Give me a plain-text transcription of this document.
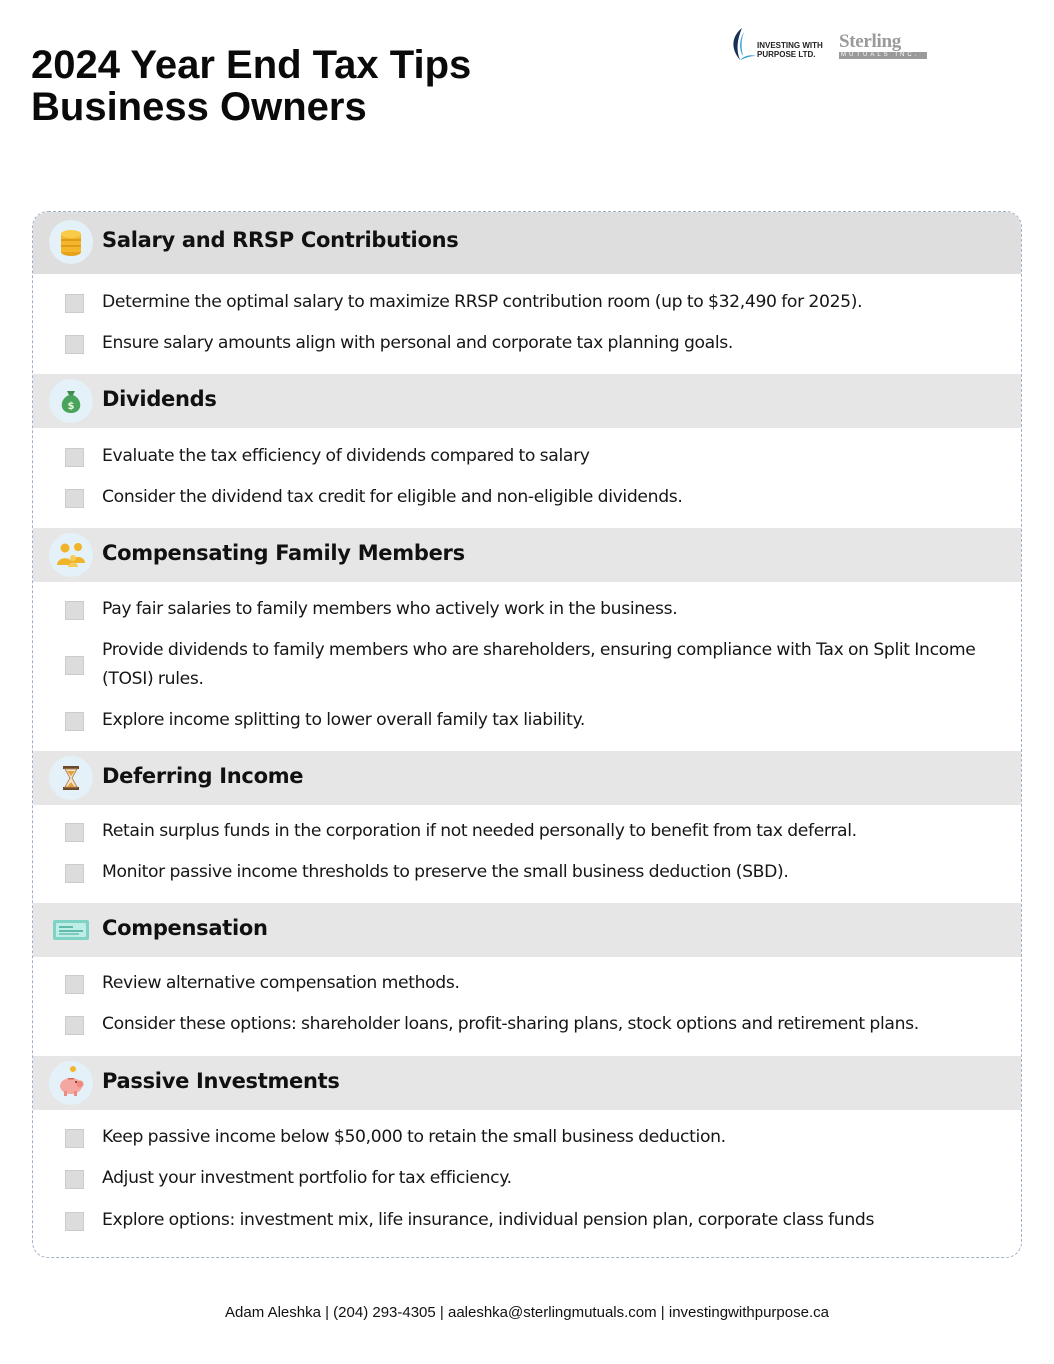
2024 Year End Tax Tips
Business Owners
INVESTING WITH
PURPOSE LTD.
Sterling
MUTUALS INC.
Salary and RRSP Contributions
Determine the optimal salary to maximize RRSP contribution room (up to $32,490 for 2025).
Ensure salary amounts align with personal and corporate tax planning goals.
$ Dividends
Evaluate the tax efficiency of dividends compared to salary
Consider the dividend tax credit for eligible and non-eligible dividends.
Compensating Family Members
Pay fair salaries to family members who actively work in the business.
Provide dividends to family members who are shareholders, ensuring compliance with Tax on Split Income (TOSI) rules.
Explore income splitting to lower overall family tax liability.
Deferring Income
Retain surplus funds in the corporation if not needed personally to benefit from tax deferral.
Monitor passive income thresholds to preserve the small business deduction (SBD).
Compensation
Review alternative compensation methods.
Consider these options: shareholder loans, profit-sharing plans, stock options and retirement plans.
Passive Investments
Keep passive income below $50,000 to retain the small business deduction.
Adjust your investment portfolio for tax efficiency.
Explore options: investment mix, life insurance, individual pension plan, corporate class funds
Adam Aleshka | (204) 293-4305 | aaleshka@sterlingmutuals.com | investingwithpurpose.ca
